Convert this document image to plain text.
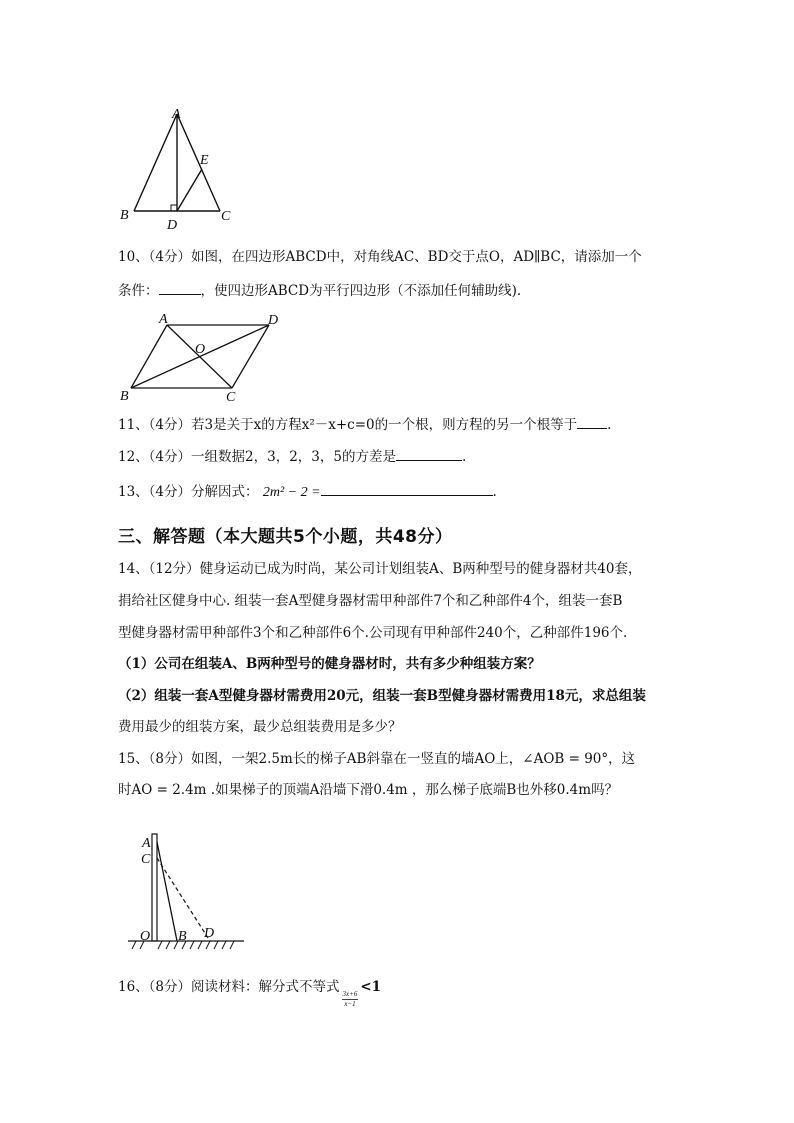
A
B	C
D
E
10、（4分）如图，在四边形ABCD中，对角线AC、BD交于点O，AD∥BC，请添加一个
条件：	，使四边形ABCD为平行四边形（不添加任何辅助线).
A	D
O
B	C
11、（4分）若3是关于x的方程x²－x+c=0的一个根，则方程的另一个根等于 .
12、（4分）一组数据2，3，2，3，5的方差是	.
13、（4分）分解因式： 2m² − 2 =	.
三、解答题（本大题共5个小题，共48分）
14、（12分）健身运动已成为时尚，某公司计划组装A、B两种型号的健身器材共40套，
捐给社区健身中心. 组装一套A型健身器材需甲种部件7个和乙种部件4个，组装一套B
型健身器材需甲种部件3个和乙种部件6个.公司现有甲种部件240个，乙种部件196个.
（1）公司在组装A、B两种型号的健身器材时，共有多少种组装方案？
（2）组装一套A型健身器材需费用20元，组装一套B型健身器材需费用18元，求总组装
费用最少的组装方案，最少总组装费用是多少？
15、（8分）如图，一架2.5m长的梯子AB斜靠在一竖直的墙AO上，∠AOB = 90°，这
时AO = 2.4m .如果梯子的顶端A沿墙下滑0.4m ，那么梯子底端B也外移0.4m吗？
A
C
O B D
16、（8分）阅读材料：解分式不等式
$\frac{3x+6}{x-1}$
<1
